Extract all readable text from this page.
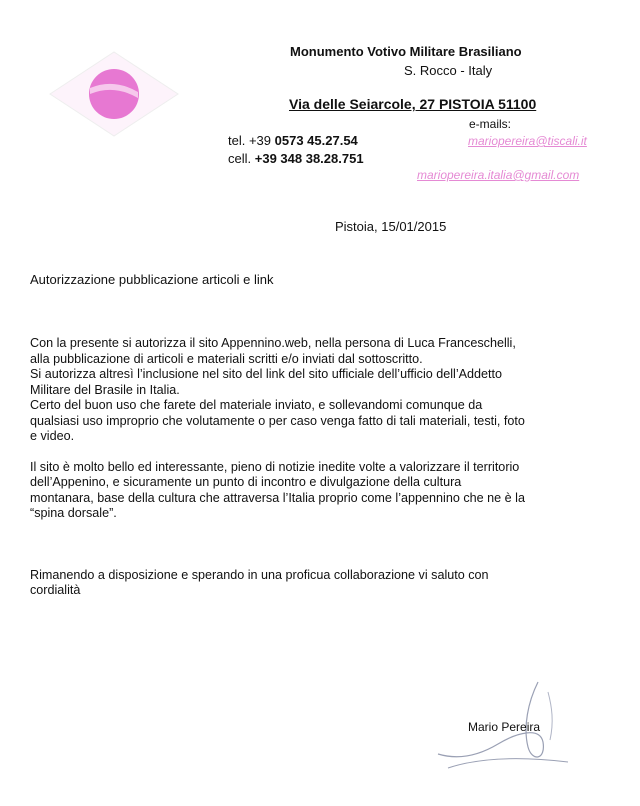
Monumento Votivo Militare Brasiliano
S. Rocco - Italy
Via delle Seiarcole, 27 PISTOIA 51100
e-mails:
tel. +39 0573 45.27.54
cell. +39 348 38.28.751
mariopereira@tiscali.it
mariopereira.italia@gmail.com
Pistoia, 15/01/2015
Autorizzazione pubblicazione articoli e link
Con la presente si autorizza il sito Appennino.web, nella persona di Luca Franceschelli,
alla pubblicazione di articoli e materiali scritti e/o inviati dal sottoscritto.
Si autorizza altresì l’inclusione nel sito del link del sito ufficiale dell’ufficio dell’Addetto
Militare del Brasile in Italia.
Certo del buon uso che farete del materiale inviato, e sollevandomi comunque da
qualsiasi uso improprio che volutamente o per caso venga fatto di tali materiali, testi, foto
e video.
Il sito è molto bello ed interessante, pieno di notizie inedite volte a valorizzare il territorio
dell’Appenino, e sicuramente un punto di incontro e divulgazione della cultura
montanara, base della cultura che attraversa l’Italia proprio come l’appennino che ne è la
“spina dorsale”.
Rimanendo a disposizione e sperando in una proficua collaborazione vi saluto con
cordialità
Mario Pereira
